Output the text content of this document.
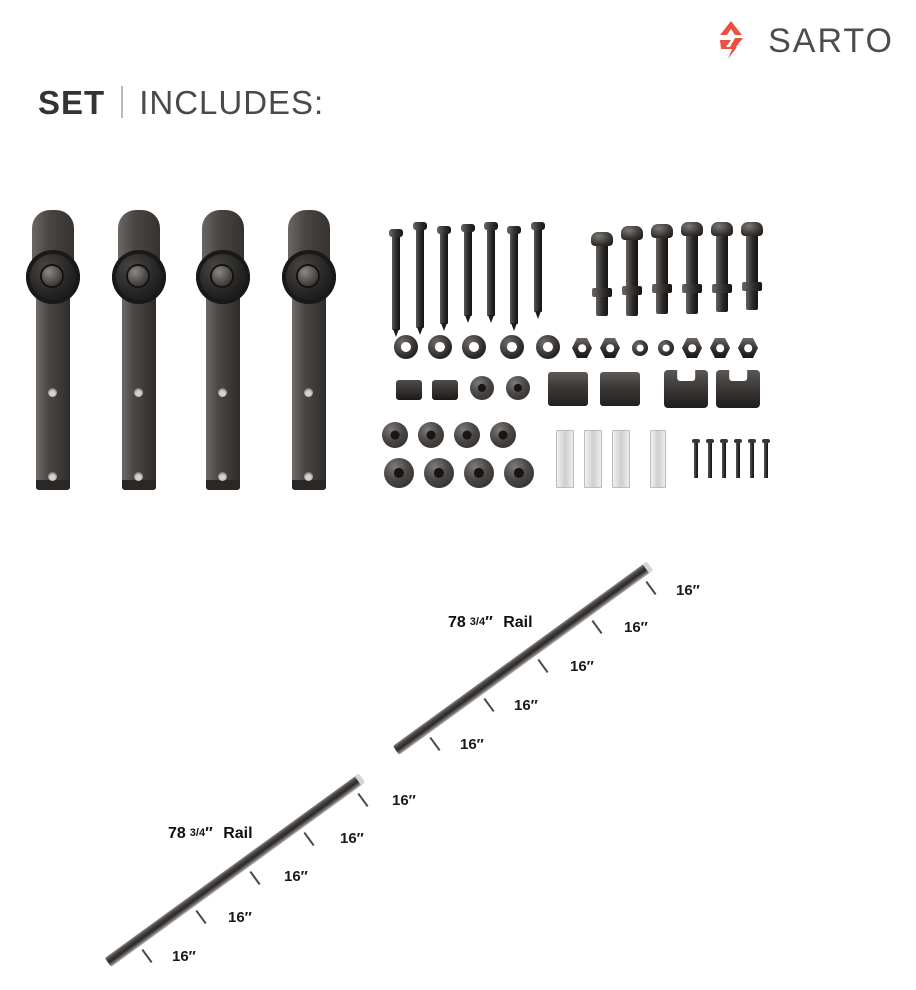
SARTO
SET INCLUDES:
16″
16″
16″
16″
16″
78 3/4″ Rail
16″
16″
16″
16″
16″
78 3/4″ Rail
